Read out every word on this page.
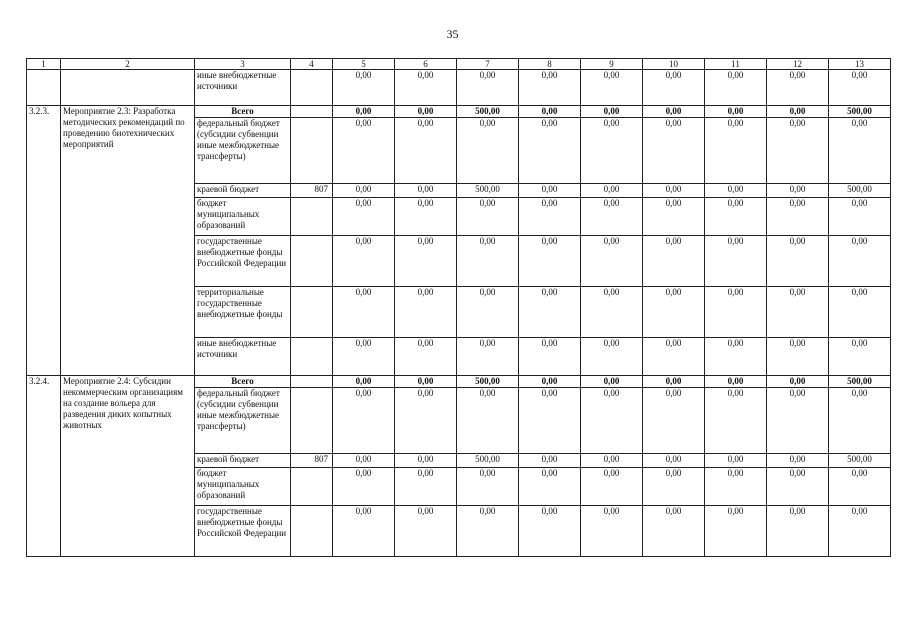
35
1	2	3	4	5	6	7	8	9	10	11	12	13
		иные внебюджетные источники		0,00	0,00	0,00	0,00	0,00	0,00	0,00	0,00	0,00
3.2.3.	Мероприятие 2.3: Разработка методических рекомендаций по проведению биотехнических мероприятий	Всего		0,00	0,00	500,00	0,00	0,00	0,00	0,00	0,00	500,00
		федеральный бюджет (субсидии субвенции иные межбюджетные трансферты)		0,00	0,00	0,00	0,00	0,00	0,00	0,00	0,00	0,00
		краевой бюджет	807	0,00	0,00	500,00	0,00	0,00	0,00	0,00	0,00	500,00
		бюджет муниципальных образований		0,00	0,00	0,00	0,00	0,00	0,00	0,00	0,00	0,00
		государственные внебюджетные фонды Российской Федерации		0,00	0,00	0,00	0,00	0,00	0,00	0,00	0,00	0,00
		территориальные государственные внебюджетные фонды		0,00	0,00	0,00	0,00	0,00	0,00	0,00	0,00	0,00
		иные внебюджетные источники		0,00	0,00	0,00	0,00	0,00	0,00	0,00	0,00	0,00
3.2.4.	Мероприятие 2.4: Субсидии некоммерческим организациям на создание вольера для разведения диких копытных животных	Всего		0,00	0,00	500,00	0,00	0,00	0,00	0,00	0,00	500,00
		федеральный бюджет (субсидии субвенции иные межбюджетные трансферты)		0,00	0,00	0,00	0,00	0,00	0,00	0,00	0,00	0,00
		краевой бюджет	807	0,00	0,00	500,00	0,00	0,00	0,00	0,00	0,00	500,00
		бюджет муниципальных образований		0,00	0,00	0,00	0,00	0,00	0,00	0,00	0,00	0,00
		государственные внебюджетные фонды Российской Федерации		0,00	0,00	0,00	0,00	0,00	0,00	0,00	0,00	0,00
